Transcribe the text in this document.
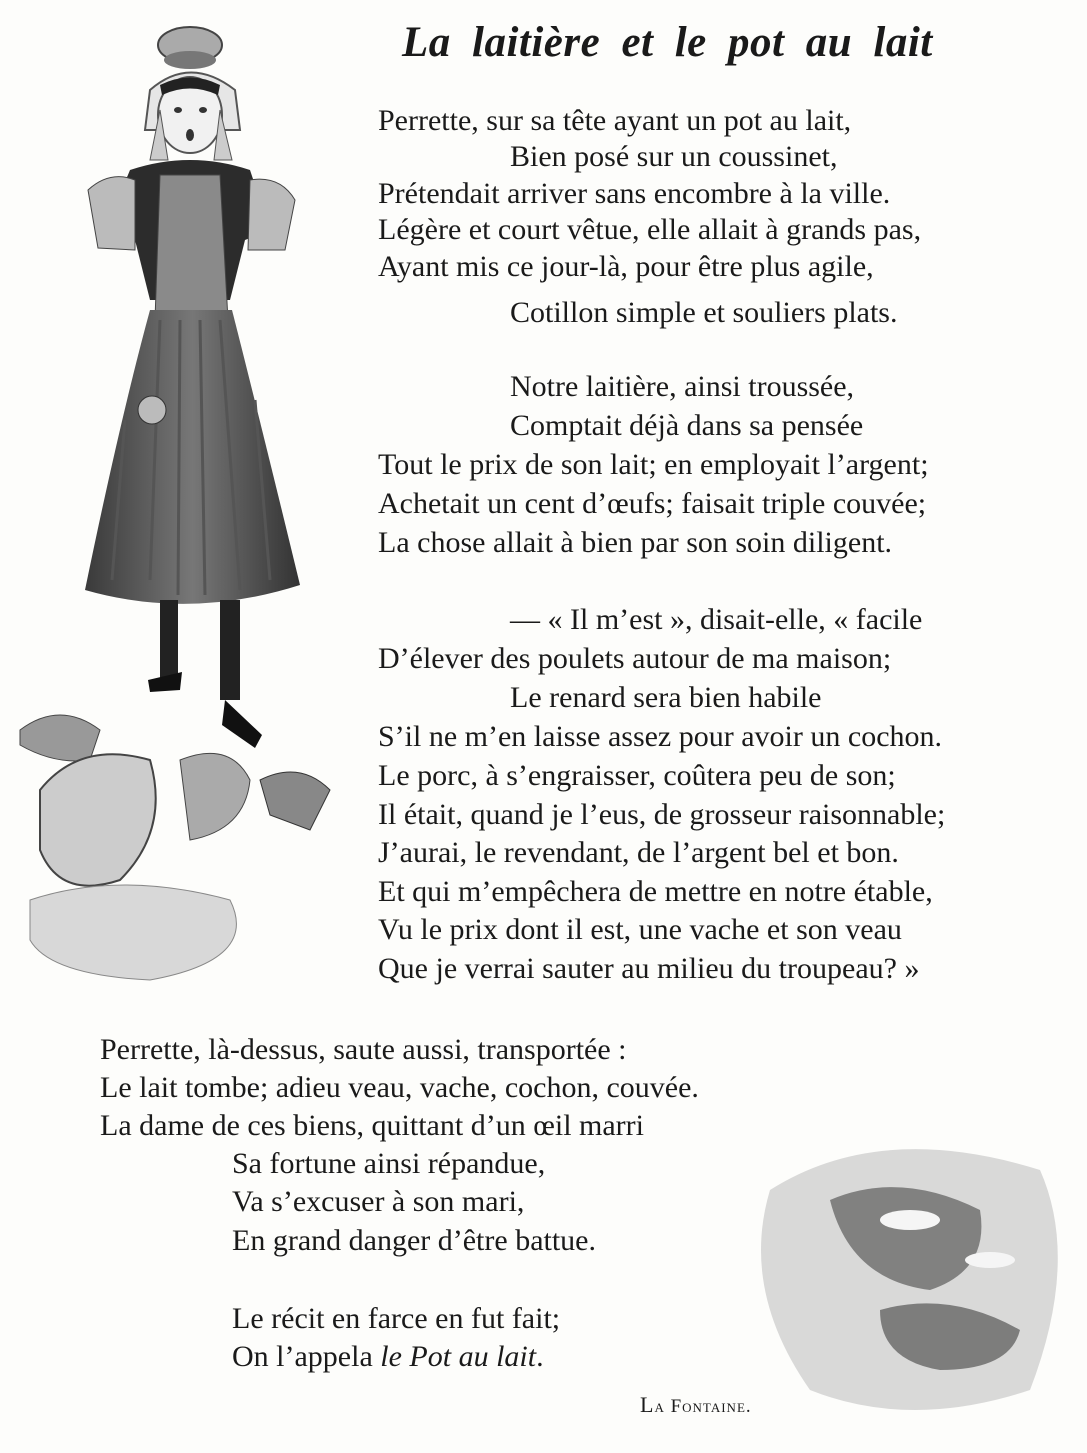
La laitière et le pot au lait
Perrette, sur sa tête ayant un pot au lait,
Bien posé sur un coussinet,
Prétendait arriver sans encombre à la ville.
Légère et court vêtue, elle allait à grands pas,
Ayant mis ce jour-là, pour être plus agile,
Cotillon simple et souliers plats.
Notre laitière, ainsi troussée,
Comptait déjà dans sa pensée
Tout le prix de son lait; en employait l’argent;
Achetait un cent d’œufs; faisait triple couvée;
La chose allait à bien par son soin diligent.
— « Il m’est », disait-elle, « facile
D’élever des poulets autour de ma maison;
Le renard sera bien habile
S’il ne m’en laisse assez pour avoir un cochon.
Le porc, à s’engraisser, coûtera peu de son;
Il était, quand je l’eus, de grosseur raisonnable;
J’aurai, le revendant, de l’argent bel et bon.
Et qui m’empêchera de mettre en notre étable,
Vu le prix dont il est, une vache et son veau
Que je verrai sauter au milieu du troupeau? »
Perrette, là-dessus, saute aussi, transportée :
Le lait tombe; adieu veau, vache, cochon, couvée.
La dame de ces biens, quittant d’un œil marri
Sa fortune ainsi répandue,
Va s’excuser à son mari,
En grand danger d’être battue.
Le récit en farce en fut fait;
On l’appela le Pot au lait.
La Fontaine.
